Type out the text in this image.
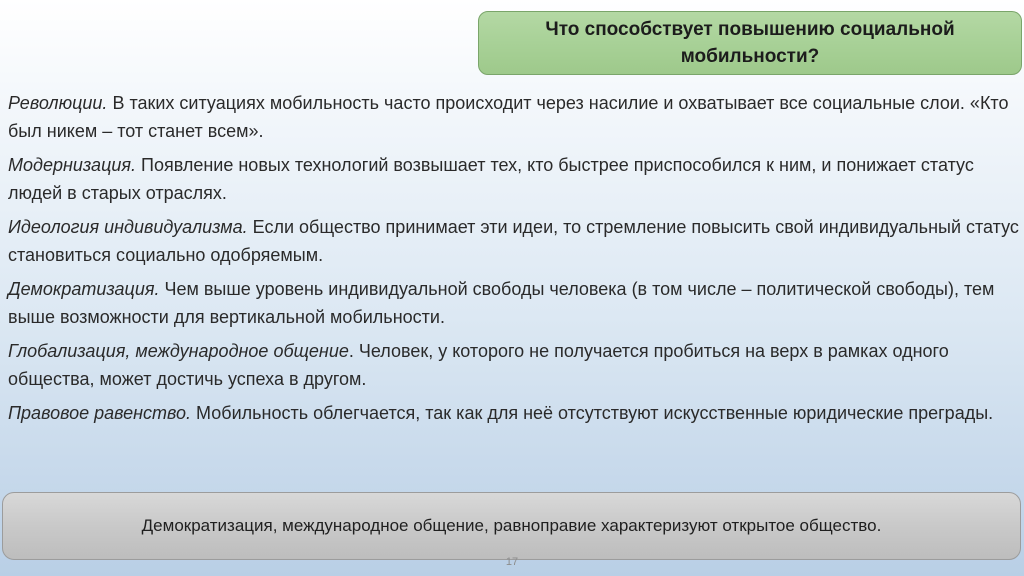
Что способствует повышению социальной мобильности?

Революции. В таких ситуациях мобильность часто происходит через насилие и охватывает все социальные слои. «Кто был никем – тот станет всем».

Модернизация. Появление новых технологий возвышает тех, кто быстрее приспособился к ним, и понижает статус людей в старых отраслях.

Идеология индивидуализма. Если общество принимает эти идеи, то стремление повысить свой индивидуальный статус становиться социально одобряемым.

Демократизация. Чем выше уровень индивидуальной свободы человека (в том числе – политической свободы), тем выше возможности для вертикальной мобильности.

Глобализация, международное общение. Человек, у которого не получается пробиться на верх в рамках одного общества, может достичь успеха в другом.

Правовое равенство. Мобильность облегчается, так как для неё отсутствуют искусственные юридические преграды.

Демократизация, международное общение, равноправие характеризуют открытое общество.
17
